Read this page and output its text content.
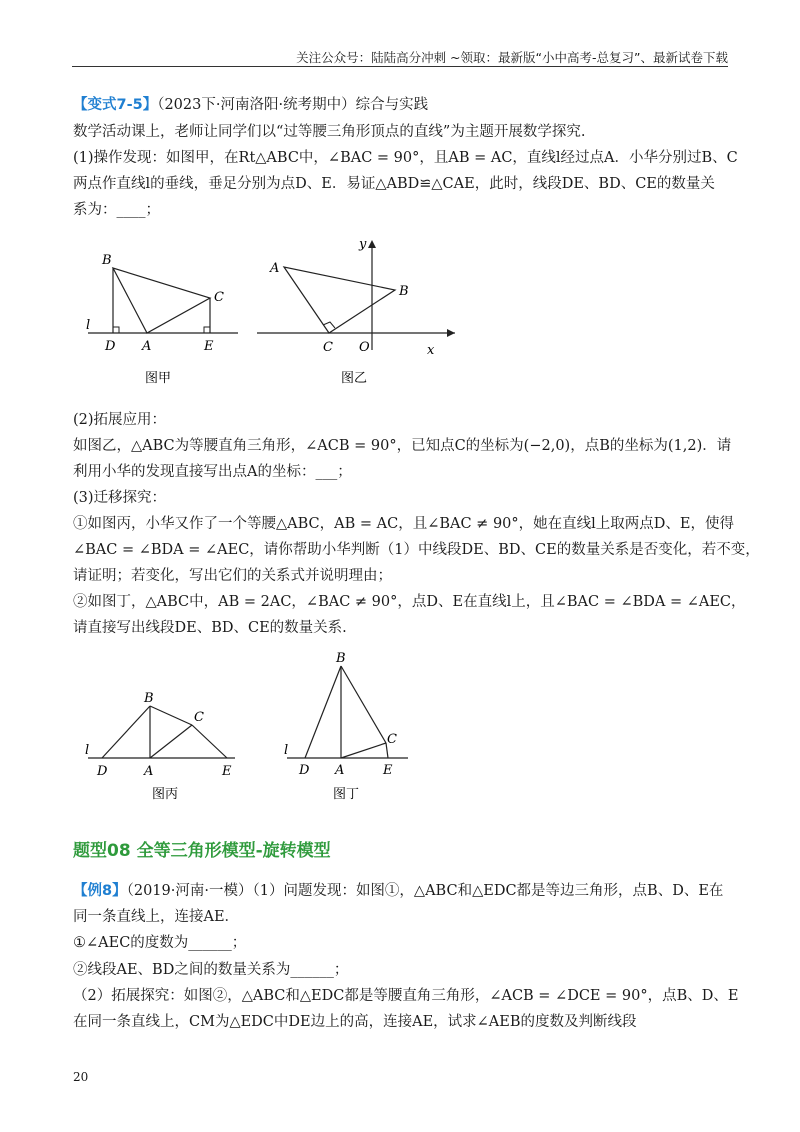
关注公众号：陆陆高分冲刺 ~领取：最新版“小中高考-总复习”、最新试卷下载
【变式7-5】（2023下·河南洛阳·统考期中）综合与实践
数学活动课上，老师让同学们以“过等腰三角形顶点的直线”为主题开展数学探究.
(1)操作发现：如图甲，在Rt△ABC中，∠BAC = 90°，且AB = AC，直线l经过点A．小华分别过B、C
两点作直线l的垂线，垂足分别为点D、E．易证△ABD≌△CAE，此时，线段DE、BD、CE的数量关
系为：____；
B
C
l
D A	E
图甲
A
B
C O	x
y
图乙
(2)拓展应用：
如图乙，△ABC为等腰直角三角形，∠ACB = 90°，已知点C的坐标为(−2,0)，点B的坐标为(1,2)．请
利用小华的发现直接写出点A的坐标：___；
(3)迁移探究：
①如图丙，小华又作了一个等腰△ABC，AB = AC，且∠BAC ≠ 90°，她在直线l上取两点D、E，使得
∠BAC = ∠BDA = ∠AEC，请你帮助小华判断（1）中线段DE、BD、CE的数量关系是否变化，若不变，
请证明；若变化，写出它们的关系式并说明理由；
②如图丁，△ABC中，AB = 2AC，∠BAC ≠ 90°，点D、E在直线l上，且∠BAC = ∠BDA = ∠AEC，
请直接写出线段DE、BD、CE的数量关系.
B
C
l
D	A	E
图丙
B
C
l
D A	E
图丁
题型08 全等三角形模型-旋转模型
【例8】（2019·河南·一模）（1）问题发现：如图①，△ABC和△EDC都是等边三角形，点B、D、E在
同一条直线上，连接AE．
①∠AEC的度数为______；
②线段AE、BD之间的数量关系为______；
（2）拓展探究：如图②，△ABC和△EDC都是等腰直角三角形，∠ACB = ∠DCE = 90°，点B、D、E
在同一条直线上，CM为△EDC中DE边上的高，连接AE，试求∠AEB的度数及判断线段
20
